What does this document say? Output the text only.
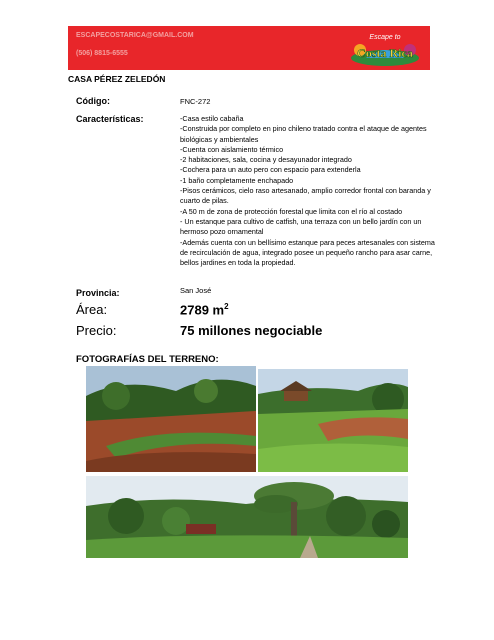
ESCAPECOSTARICA@GMAIL.COM
(506) 8815-6555
Escape to
Costa Rica
CASA PÉREZ ZELEDÓN
Código:	FNC-272
Características:	-Casa estilo cabaña
-Construida por completo en pino chileno tratado contra el ataque de agentes biológicas y ambientales
-Cuenta con aislamiento térmico
-2 habitaciones, sala, cocina y desayunador integrado
-Cochera para un auto pero con espacio para extenderla
-1 baño completamente enchapado
-Pisos cerámicos, cielo raso artesanado, amplio corredor frontal con baranda y cuarto de pilas.
-A 50 m de zona de protección forestal que limita con el río al costado
- Un estanque para cultivo de catfish, una terraza con un bello jardín con un hermoso pozo ornamental
-Además cuenta con un bellísimo estanque para peces artesanales con sistema de recirculación de agua, integrado posee un pequeño rancho para asar carne, bellos jardines en toda la propiedad.
Provincia:	San José
Área:	2789 $m^2$
Precio:	75 millones negociable
FOTOGRAFÍAS DEL TERRENO:
